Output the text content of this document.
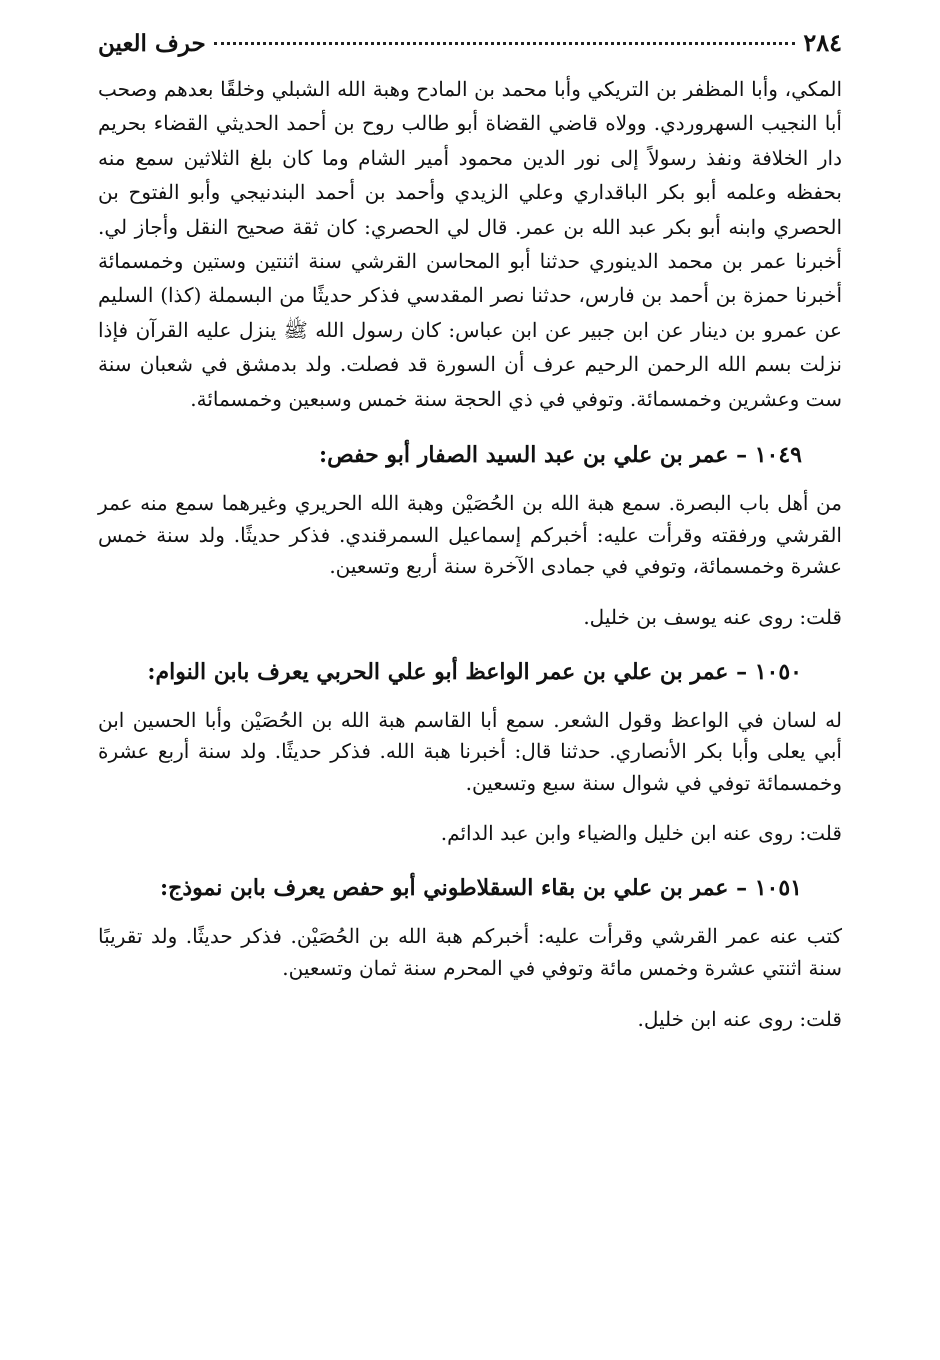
٢٨٤
حرف العين

المكي، وأبا المظفر بن التريكي وأبا محمد بن المادح وهبة الله الشبلي وخلقًا بعدهم وصحب أبا النجيب السهروردي. وولاه قاضي القضاة أبو طالب روح بن أحمد الحديثي القضاء بحريم دار الخلافة ونفذ رسولاً إلى نور الدين محمود أمير الشام وما كان بلغ الثلاثين سمع منه بحفظه وعلمه أبو بكر الباقداري وعلي الزيدي وأحمد بن أحمد البندنيجي وأبو الفتوح بن الحصري وابنه أبو بكر عبد الله بن عمر. قال لي الحصري: كان ثقة صحيح النقل وأجاز لي. أخبرنا عمر بن محمد الدينوري حدثنا أبو المحاسن القرشي سنة اثنتين وستين وخمسمائة أخبرنا حمزة بن أحمد بن فارس، حدثنا نصر المقدسي فذكر حديثًا من البسملة (كذا) السليم عن عمرو بن دينار عن ابن جبير عن ابن عباس: كان رسول الله ﷺ ينزل عليه القرآن فإذا نزلت بسم الله الرحمن الرحيم عرف أن السورة قد فصلت. ولد بدمشق في شعبان سنة ست وعشرين وخمسمائة. وتوفي في ذي الحجة سنة خمس وسبعين وخمسمائة.

١٠٤٩ – عمر بن علي بن عبد السيد الصفار أبو حفص:

من أهل باب البصرة. سمع هبة الله بن الحُصَيْن وهبة الله الحريري وغيرهما سمع منه عمر القرشي ورفقته وقرأت عليه: أخبركم إسماعيل السمرقندي. فذكر حديثًا. ولد سنة خمس عشرة وخمسمائة، وتوفي في جمادى الآخرة سنة أربع وتسعين.

قلت: روى عنه يوسف بن خليل.

١٠٥٠ – عمر بن علي بن عمر الواعظ أبو علي الحربي يعرف بابن النوام:

له لسان في الواعظ وقول الشعر. سمع أبا القاسم هبة الله بن الحُصَيْن وأبا الحسين ابن أبي يعلى وأبا بكر الأنصاري. حدثنا قال: أخبرنا هبة الله. فذكر حديثًا. ولد سنة أربع عشرة وخمسمائة توفي في شوال سنة سبع وتسعين.

قلت: روى عنه ابن خليل والضياء وابن عبد الدائم.

١٠٥١ – عمر بن علي بن بقاء السقلاطوني أبو حفص يعرف بابن نموذج:

كتب عنه عمر القرشي وقرأت عليه: أخبركم هبة الله بن الحُصَيْن. فذكر حديثًا. ولد تقريبًا سنة اثنتي عشرة وخمس مائة وتوفي في المحرم سنة ثمان وتسعين.

قلت: روى عنه ابن خليل.
